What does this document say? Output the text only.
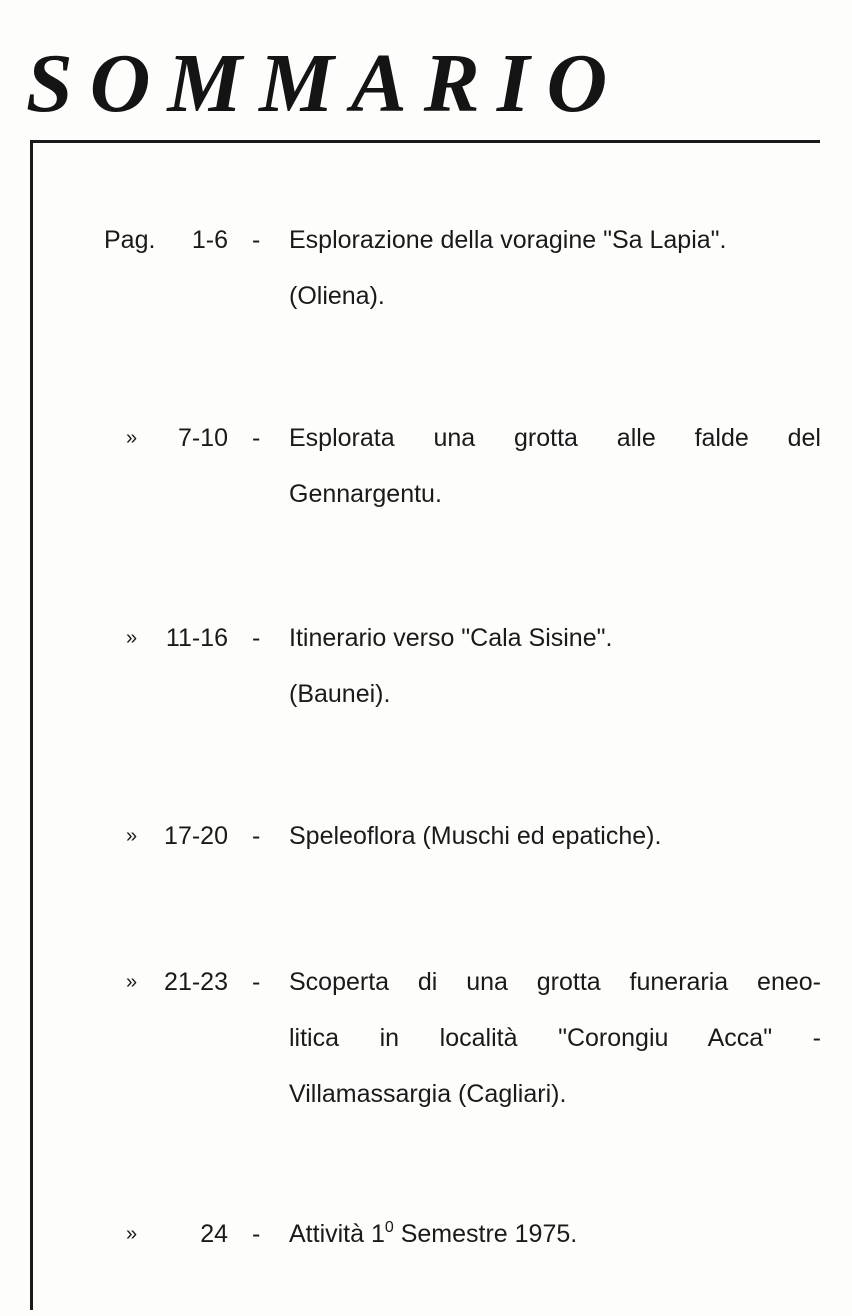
SOMMARIO
Pag. 1-6 - Esplorazione della voragine "Sa Lapia".
(Oliena).
» 7-10 - Esplorata una grotta alle falde del
Gennargentu.
» 11-16 - Itinerario verso "Cala Sisine".
(Baunei).
» 17-20 - Speleoflora (Muschi ed epatiche).
» 21-23 - Scoperta di una grotta funeraria eneo-
litica in località "Corongiu Acca" -
Villamassargia (Cagliari).
»	24 - Attività $1^0$ Semestre 1975.
